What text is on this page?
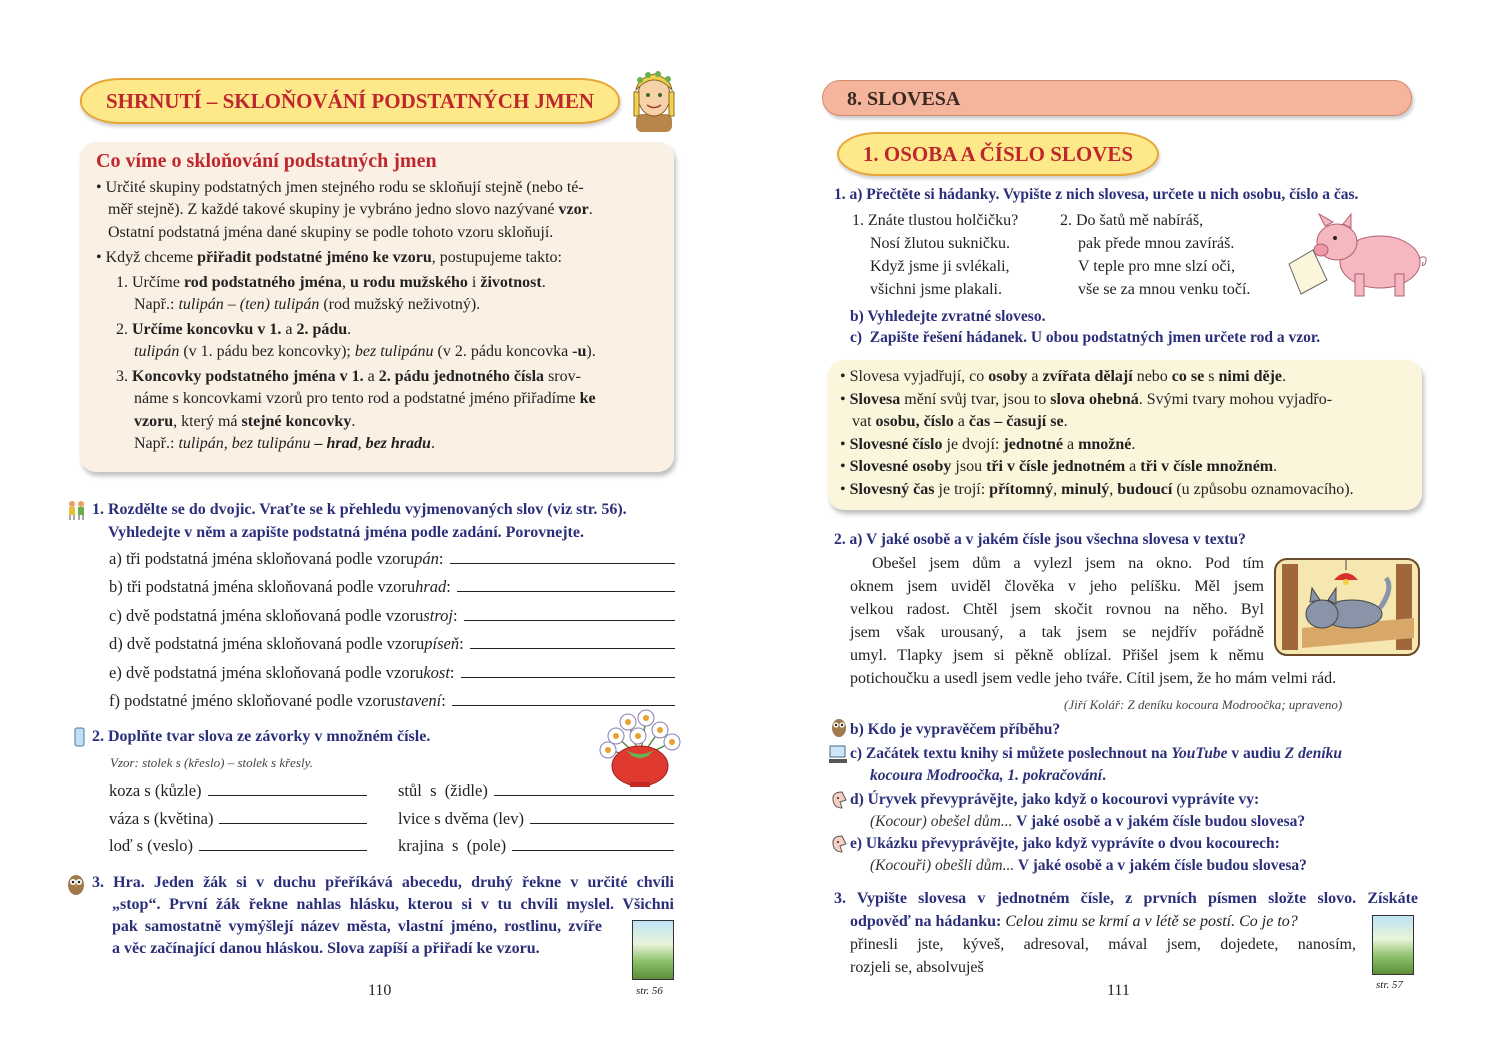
SHRNUTÍ – SKLOŇOVÁNÍ PODSTATNÝCH JMEN
Co víme o skloňování podstatných jmen
• Určité skupiny podstatných jmen stejného rodu se skloňují stejně (nebo té-
měř stejně). Z každé takové skupiny je vybráno jedno slovo nazývané vzor.
Ostatní podstatná jména dané skupiny se podle tohoto vzoru skloňují.
• Když chceme přiřadit podstatné jméno ke vzoru, postupujeme takto:
1. Určíme rod podstatného jména, u rodu mužského i životnost.
Např.: tulipán – (ten) tulipán (rod mužský neživotný).
2. Určíme koncovku v 1. a 2. pádu.
tulipán (v 1. pádu bez koncovky); bez tulipánu (v 2. pádu koncovka -u).
3. Koncovky podstatného jména v 1. a 2. pádu jednotného čísla srov-
náme s koncovkami vzorů pro tento rod a podstatné jméno přiřadíme ke
vzoru, který má stejné koncovky.
Např.: tulipán, bez tulipánu – hrad, bez hradu.
1. Rozdělte se do dvojic. Vraťte se k přehledu vyjmenovaných slov (viz str. 56).
Vyhledejte v něm a zapište podstatná jména podle zadání. Porovnejte.
a) tři podstatná jména skloňovaná podle vzoru pán :
b) tři podstatná jména skloňovaná podle vzoru hrad :
c) dvě podstatná jména skloňovaná podle vzoru stroj :
d) dvě podstatná jména skloňovaná podle vzoru píseň :
e) dvě podstatná jména skloňovaná podle vzoru kost :
f) podstatné jméno skloňované podle vzoru stavení :
2. Doplňte tvar slova ze závorky v množném čísle.
Vzor: stolek s (křeslo) – stolek s křesly.
koza s (kůzle)
váza s (květina)
loď s (veslo)
stůl  s  (židle)
lvice s dvěma (lev)
krajina  s  (pole)
3. Hra. Jeden žák si v duchu přeříkává abecedu, druhý řekne v určité chvíli
„stop“. První žák řekne nahlas hlásku, kterou si v tu chvíli myslel. Všichni
pak samostatně vymýšlejí název města, vlastní jméno, rostlinu, zvíře
a věc začínající danou hláskou. Slova zapíší a přiřadí ke vzoru.
str. 56
110
8. SLOVESA
1. OSOBA A ČÍSLO SLOVES
1. a) Přečtěte si hádanky. Vypište z nich slovesa, určete u nich osobu, číslo a čas.
1. Znáte tlustou holčičku?
Nosí žlutou sukničku.
Když jsme ji svlékali,
všichni jsme plakali.
2. Do šatů mě nabíráš,
pak přede mnou zavíráš.
V teple pro mne slzí oči,
vše se za mnou venku točí.
b) Vyhledejte zvratné sloveso.
c)  Zapište řešení hádanek. U obou podstatných jmen určete rod a vzor.
• Slovesa vyjadřují, co osoby a zvířata dělají nebo co se s nimi děje.
• Slovesa mění svůj tvar, jsou to slova ohebná. Svými tvary mohou vyjadřo-
vat osobu, číslo a čas – časují se.
• Slovesné číslo je dvojí: jednotné a množné.
• Slovesné osoby jsou tři v čísle jednotném a tři v čísle množném.
• Slovesný čas je trojí: přítomný, minulý, budoucí (u způsobu oznamovacího).
2. a) V jaké osobě a v jakém čísle jsou všechna slovesa v textu?
Obešel jsem dům a vylezl jsem na okno. Pod tím
oknem jsem uviděl člověka v jeho pelíšku. Měl jsem
velkou radost. Chtěl jsem skočit rovnou na něho. Byl
jsem však urousaný, a tak jsem se nejdřív pořádně
umyl. Tlapky jsem si pěkně oblízal. Přišel jsem k němu
potichoučku a usedl jsem vedle jeho tváře. Cítil jsem, že ho mám velmi rád.
(Jiří Kolář: Z deníku kocoura Modroočka; upraveno)
b) Kdo je vypravěčem příběhu?
c) Začátek textu knihy si můžete poslechnout na YouTube v audiu Z deníku
kocoura Modroočka, 1. pokračování.
d) Úryvek převyprávějte, jako když o kocourovi vyprávíte vy:
(Kocour) obešel dům... V jaké osobě a v jakém čísle budou slovesa?
e) Ukázku převyprávějte, jako když vyprávíte o dvou kocourech:
(Kocouři) obešli dům... V jaké osobě a v jakém čísle budou slovesa?
3. Vypište slovesa v jednotném čísle, z prvních písmen složte slovo. Získáte
odpověď na hádanku: Celou zimu se krmí a v létě se postí. Co je to?
přinesli jste, kýveš, adresoval, mával jsem, dojedete, nanosím,
rozjeli se, absolvuješ
str. 57
111
